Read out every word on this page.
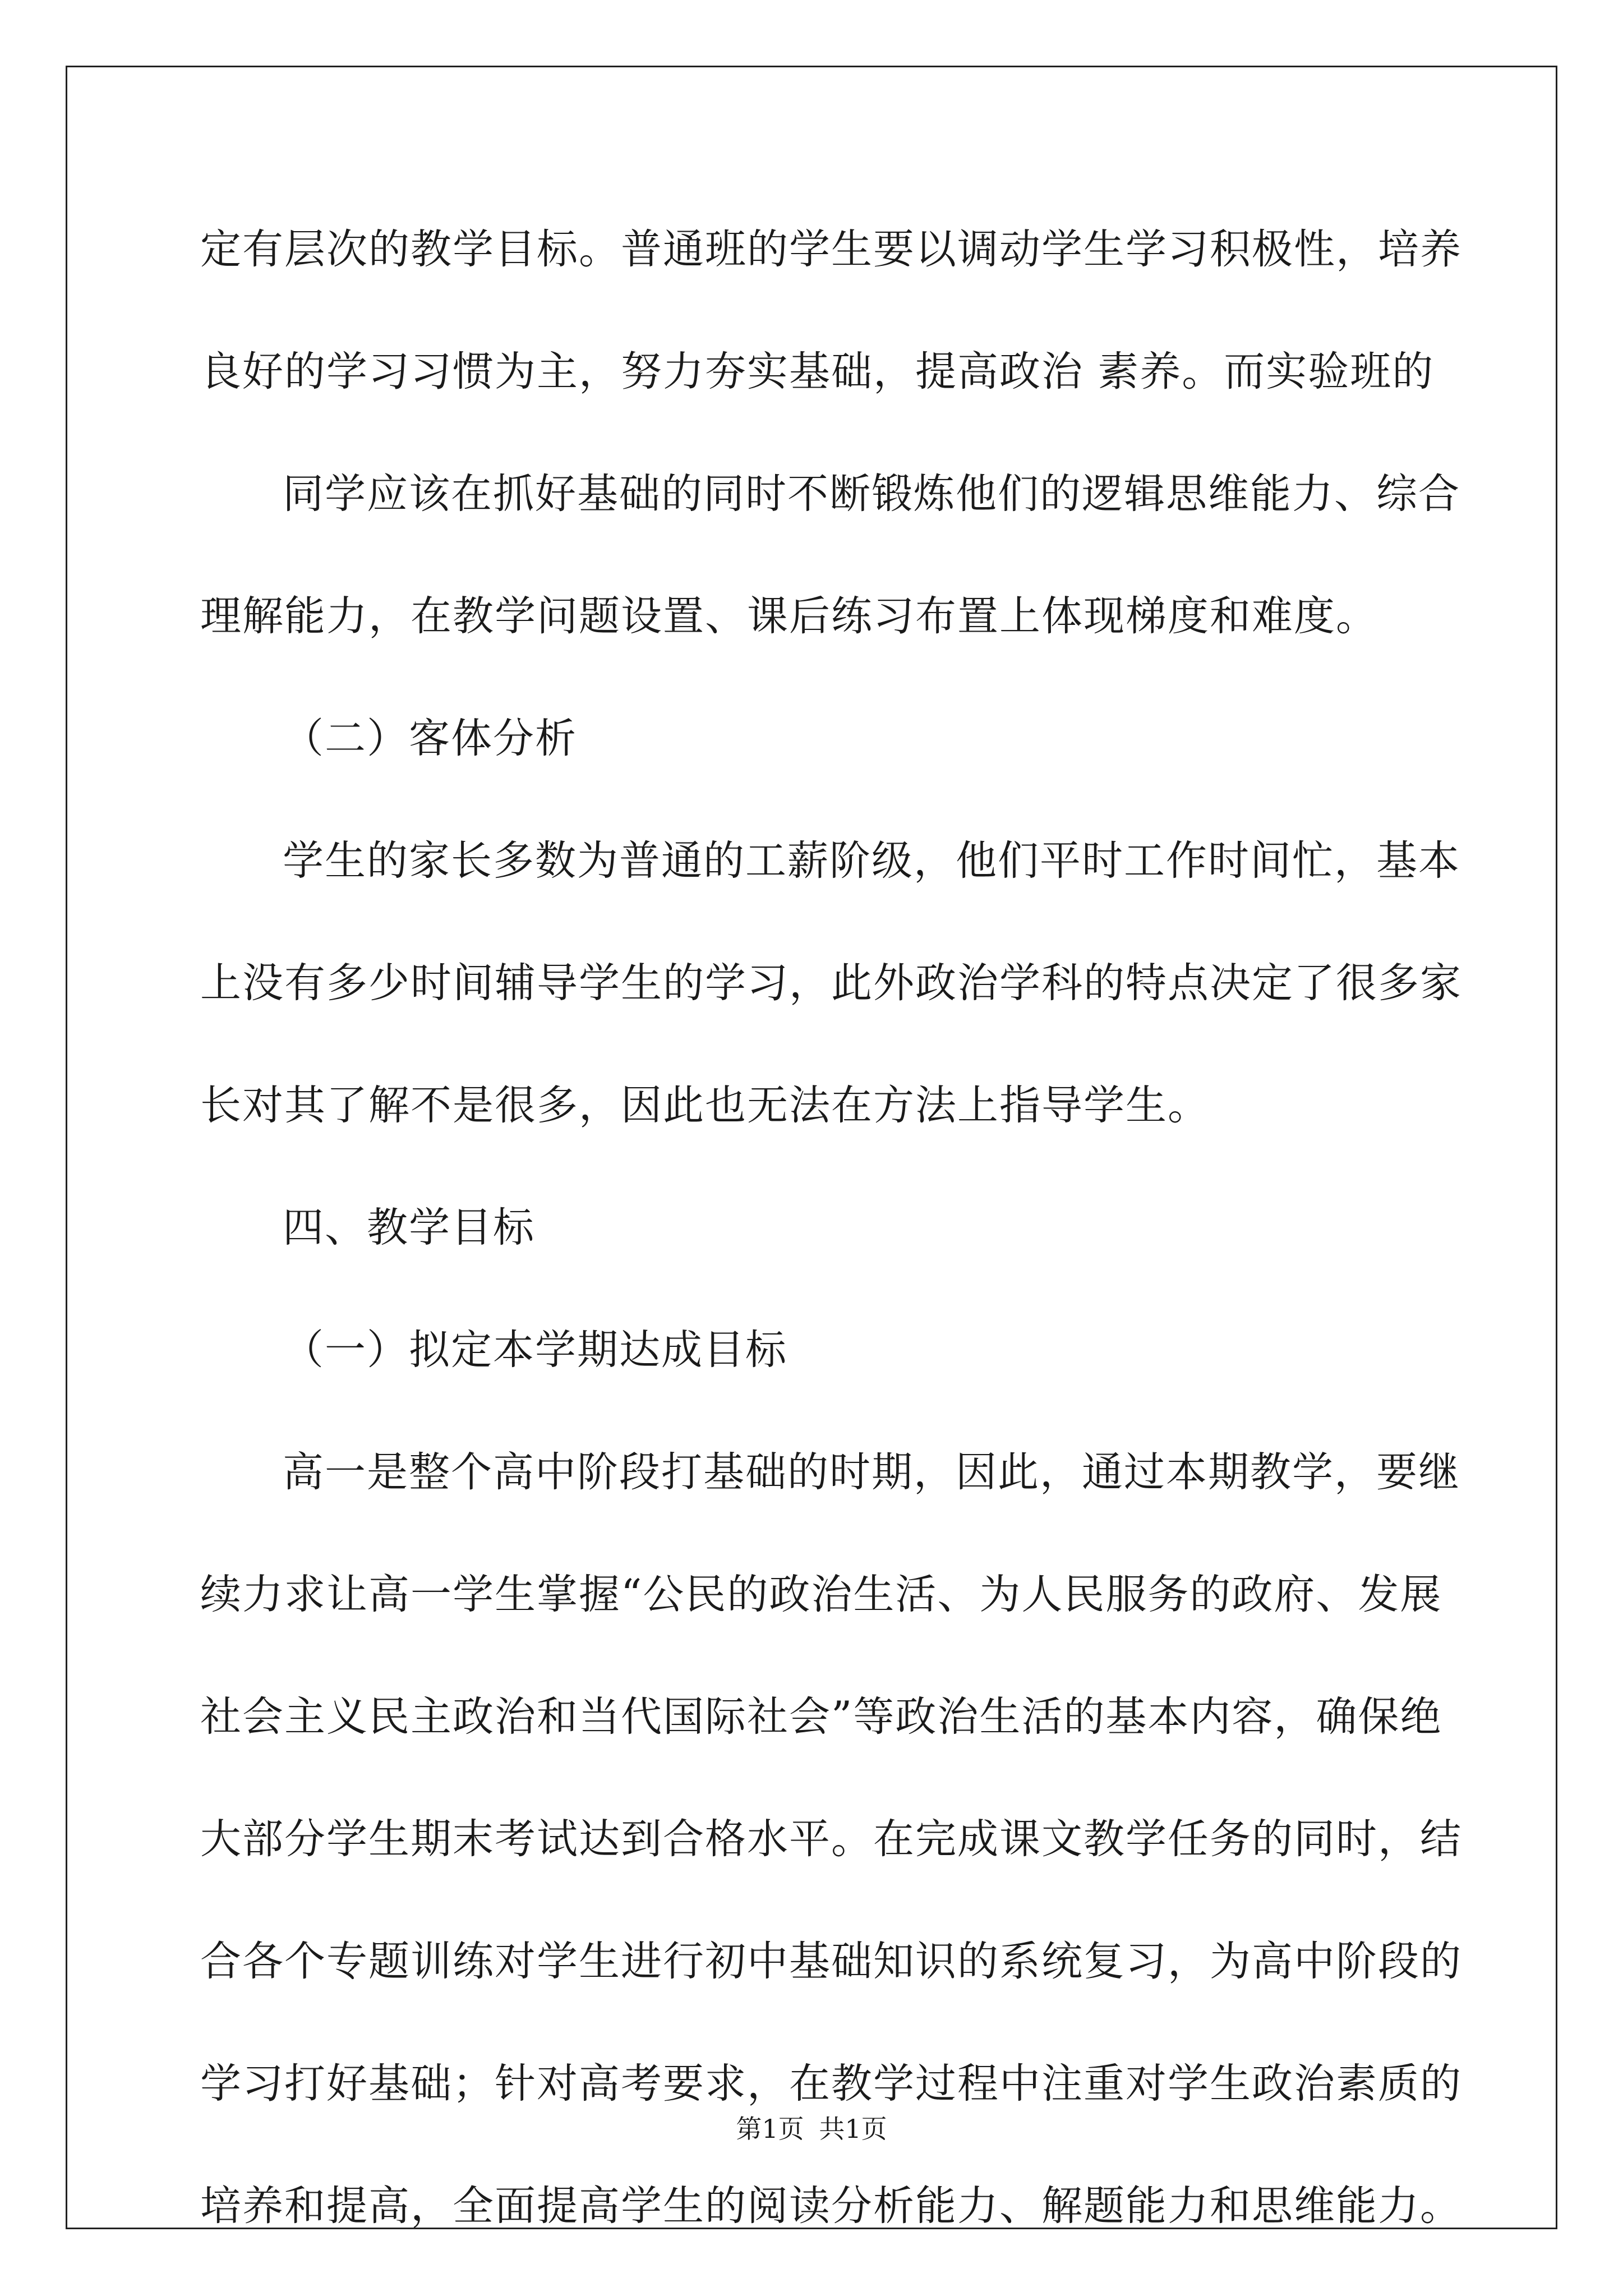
定有层次的教学目标。普通班的学生要以调动学生学习积极性，培养
良好的学习习惯为主，努力夯实基础，提高政治 素养。而实验班的
同学应该在抓好基础的同时不断锻炼他们的逻辑思维能力、综合
理解能力，在教学问题设置、课后练习布置上体现梯度和难度。
（二）客体分析
学生的家长多数为普通的工薪阶级，他们平时工作时间忙，基本
上没有多少时间辅导学生的学习，此外政治学科的特点决定了很多家
长对其了解不是很多，因此也无法在方法上指导学生。
四、教学目标
（一）拟定本学期达成目标
高一是整个高中阶段打基础的时期，因此，通过本期教学，要继
续力求让高一学生掌握“公民的政治生活、为人民服务的政府、发展
社会主义民主政治和当代国际社会”等政治生活的基本内容，确保绝
大部分学生期末考试达到合格水平。在完成课文教学任务的同时，结
合各个专题训练对学生进行初中基础知识的系统复习，为高中阶段的
学习打好基础；针对高考要求，在教学过程中注重对学生政治素质的
培养和提高，全面提高学生的阅读分析能力、解题能力和思维能力。
第1页 共1页
